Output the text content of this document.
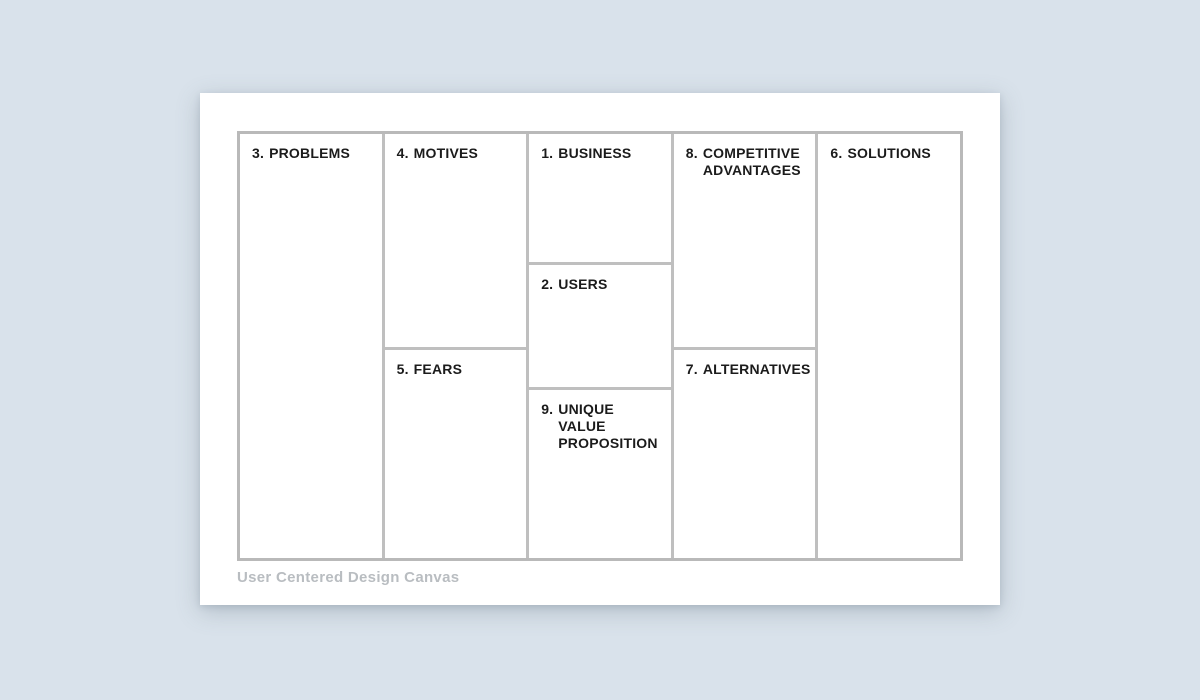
3. PROBLEMS	4. MOTIVES
5. FEARS
1. BUSINESS
2. USERS
9. UNIQUE VALUE PROPOSITION
8. COMPETITIVE ADVANTAGES
7. ALTERNATIVES
6. SOLUTIONS
User Centered Design Canvas
